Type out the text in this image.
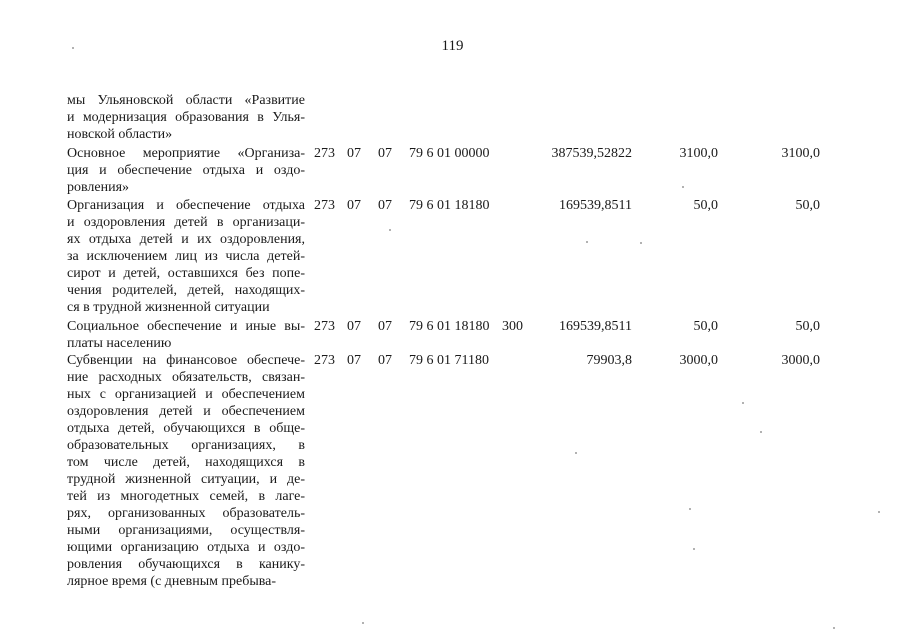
119
мы Ульяновской области «Развитие
и модернизация образования в Улья-
новской области»
Основное мероприятие «Организа-
ция и обеспечение отдыха и оздо-
ровления»
273 07 07 79 6 01 00000	387539,52822	3100,0	3100,0
Организация и обеспечение отдыха
и оздоровления детей в организаци-
ях отдыха детей и их оздоровления,
за исключением лиц из числа детей-
сирот и детей, оставшихся без попе-
чения родителей, детей, находящих-
ся в трудной жизненной ситуации
273 07 07 79 6 01 18180	169539,8511	50,0	50,0
Социальное обеспечение и иные вы-
платы населению
273 07 07 79 6 01 18180 300	169539,8511	50,0	50,0
Субвенции на финансовое обеспече-
ние расходных обязательств, связан-
ных с организацией и обеспечением
оздоровления детей и обеспечением
отдыха детей, обучающихся в обще-
образовательных организациях, в
том числе детей, находящихся в
трудной жизненной ситуации, и де-
тей из многодетных семей, в лаге-
рях, организованных образователь-
ными организациями, осуществля-
ющими организацию отдыха и оздо-
ровления обучающихся в канику-
лярное время (с дневным пребыва-
273 07 07 79 6 01 71180	79903,8	3000,0	3000,0
